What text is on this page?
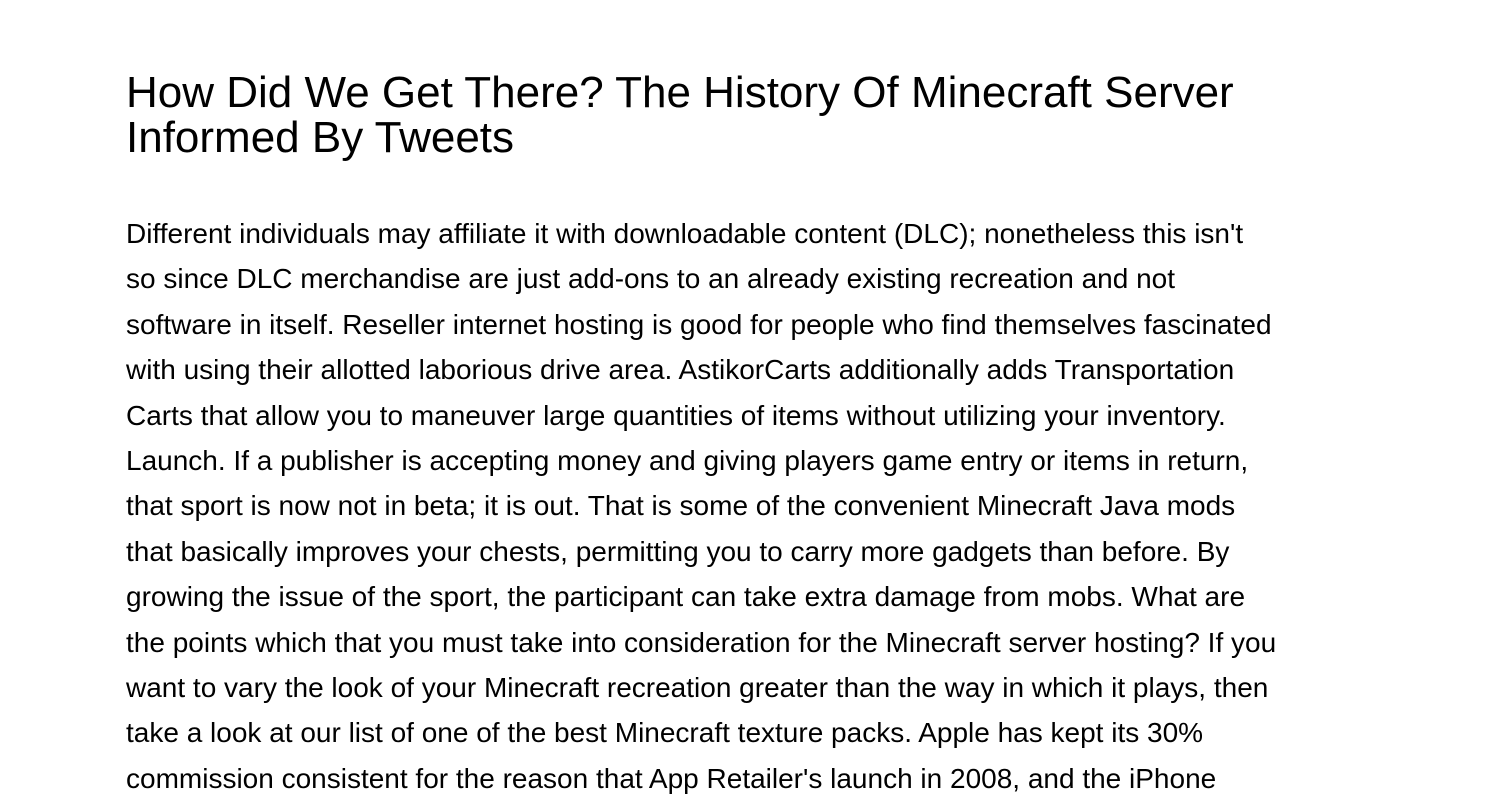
How Did We Get There? The History Of Minecraft Server
Informed By Tweets

Different individuals may affiliate it with downloadable content (DLC); nonetheless this isn't
so since DLC merchandise are just add-ons to an already existing recreation and not
software in itself. Reseller internet hosting is good for people who find themselves fascinated
with using their allotted laborious drive area. AstikorCarts additionally adds Transportation
Carts that allow you to maneuver large quantities of items without utilizing your inventory.
Launch. If a publisher is accepting money and giving players game entry or items in return,
that sport is now not in beta; it is out. That is some of the convenient Minecraft Java mods
that basically improves your chests, permitting you to carry more gadgets than before. By
growing the issue of the sport, the participant can take extra damage from mobs. What are
the points which that you must take into consideration for the Minecraft server hosting? If you
want to vary the look of your Minecraft recreation greater than the way in which it plays, then
take a look at our list of one of the best Minecraft texture packs. Apple has kept its 30%
commission consistent for the reason that App Retailer's launch in 2008, and the iPhone
